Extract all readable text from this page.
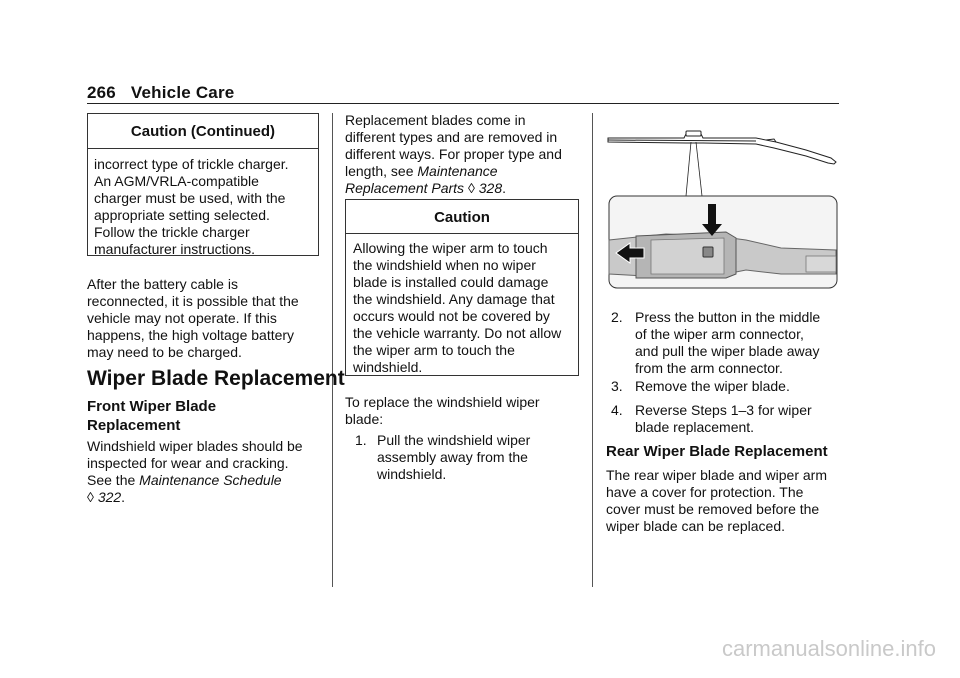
266 Vehicle Care
Caution (Continued)
incorrect type of trickle charger.
An AGM/VRLA-compatible
charger must be used, with the
appropriate setting selected.
Follow the trickle charger
manufacturer instructions.
After the battery cable is
reconnected, it is possible that the
vehicle may not operate. If this
happens, the high voltage battery
may need to be charged.
Wiper Blade Replacement
Front Wiper Blade
Replacement
Windshield wiper blades should be
inspected for wear and cracking.
See the Maintenance Schedule
◊ 322.
Replacement blades come in
different types and are removed in
different ways. For proper type and
length, see Maintenance
Replacement Parts ◊ 328.
Caution
Allowing the wiper arm to touch
the windshield when no wiper
blade is installed could damage
the windshield. Any damage that
occurs would not be covered by
the vehicle warranty. Do not allow
the wiper arm to touch the
windshield.
To replace the windshield wiper
blade:
1. Pull the windshield wiper
assembly away from the
windshield.
2. Press the button in the middle
of the wiper arm connector,
and pull the wiper blade away
from the arm connector.
3. Remove the wiper blade.
4. Reverse Steps 1–3 for wiper
blade replacement.
Rear Wiper Blade Replacement
The rear wiper blade and wiper arm
have a cover for protection. The
cover must be removed before the
wiper blade can be replaced.
carmanualsonline.info
